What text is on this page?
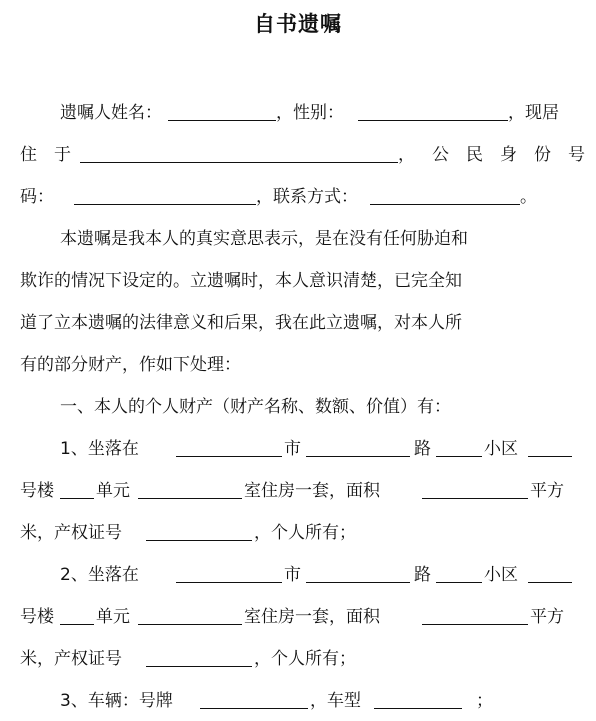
自书遗嘱
遗嘱人姓名：	，性别：	，现居
住　于	， 公　民　身　份　号
码：	，联系方式：	。
本遗嘱是我本人的真实意思表示，是在没有任何胁迫和
欺诈的情况下设定的。立遗嘱时，本人意识清楚，已完全知
道了立本遗嘱的法律意义和后果，我在此立遗嘱，对本人所
有的部分财产，作如下处理：
一、本人的个人财产（财产名称、数额、价值）有：
1、坐落在	市	路	小区
号楼 单元	室住房一套，面积	平方
米，产权证号	，个人所有；
2、坐落在	市	路	小区
号楼 单元	室住房一套，面积	平方
米，产权证号	，个人所有；
3、车辆：号牌	，车型	；
